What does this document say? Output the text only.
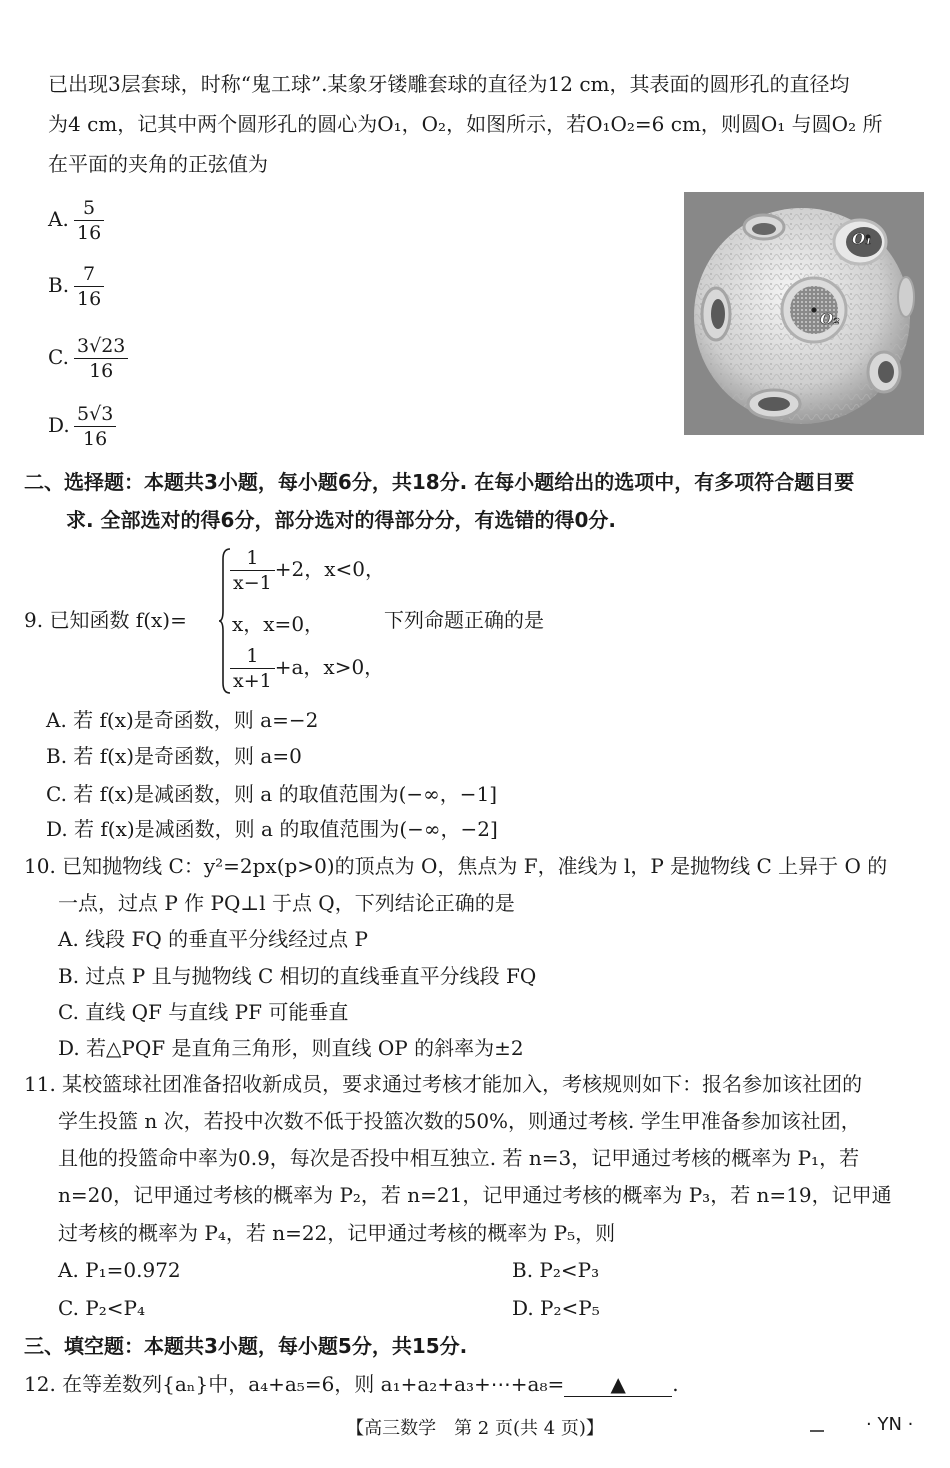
已出现3层套球，时称“鬼工球”.某象牙镂雕套球的直径为12 cm，其表面的圆形孔的直径均
为4 cm，记其中两个圆形孔的圆心为O₁，O₂，如图所示，若O₁O₂=6 cm，则圆O₁ 与圆O₂ 所
在平面的夹角的正弦值为
A. $\frac{5}{16}$
B. $\frac{7}{16}$
C. $\frac{3√23}{16}$
D. $\frac{5√3}{16}$
O₁
O₂
二、选择题：本题共3小题，每小题6分，共18分. 在每小题给出的选项中，有多项符合题目要
求. 全部选对的得6分，部分选对的得部分分，有选错的得0分.
9. 已知函数 f(x)=
$\frac{1}{x-1} +2$，x<0，
x，x=0，
$\frac{1}{x+1} +a$，x>0，
下列命题正确的是
A. 若 f(x)是奇函数，则 a=−2
B. 若 f(x)是奇函数，则 a=0
C. 若 f(x)是减函数，则 a 的取值范围为(−∞，−1]
D. 若 f(x)是减函数，则 a 的取值范围为(−∞，−2]
10. 已知抛物线 C：y²=2px(p>0)的顶点为 O，焦点为 F，准线为 l，P 是抛物线 C 上异于 O 的
一点，过点 P 作 PQ⊥l 于点 Q，下列结论正确的是
A. 线段 FQ 的垂直平分线经过点 P
B. 过点 P 且与抛物线 C 相切的直线垂直平分线段 FQ
C. 直线 QF 与直线 PF 可能垂直
D. 若△PQF 是直角三角形，则直线 OP 的斜率为±2
11. 某校篮球社团准备招收新成员，要求通过考核才能加入，考核规则如下：报名参加该社团的
学生投篮 n 次，若投中次数不低于投篮次数的50%，则通过考核. 学生甲准备参加该社团，
且他的投篮命中率为0.9，每次是否投中相互独立. 若 n=3，记甲通过考核的概率为 P₁，若
n=20，记甲通过考核的概率为 P₂，若 n=21，记甲通过考核的概率为 P₃，若 n=19，记甲通
过考核的概率为 P₄，若 n=22，记甲通过考核的概率为 P₅，则
A. P₁=0.972	B. P₂<P₃
C. P₂<P₄	D. P₂<P₅
三、填空题：本题共3小题，每小题5分，共15分.
12. 在等差数列{aₙ}中，a₄+a₅=6，则 a₁+a₂+a₃+⋯+a₈= ▲ .
【高三数学　第 2 页(共 4 页)】	· YN ·
